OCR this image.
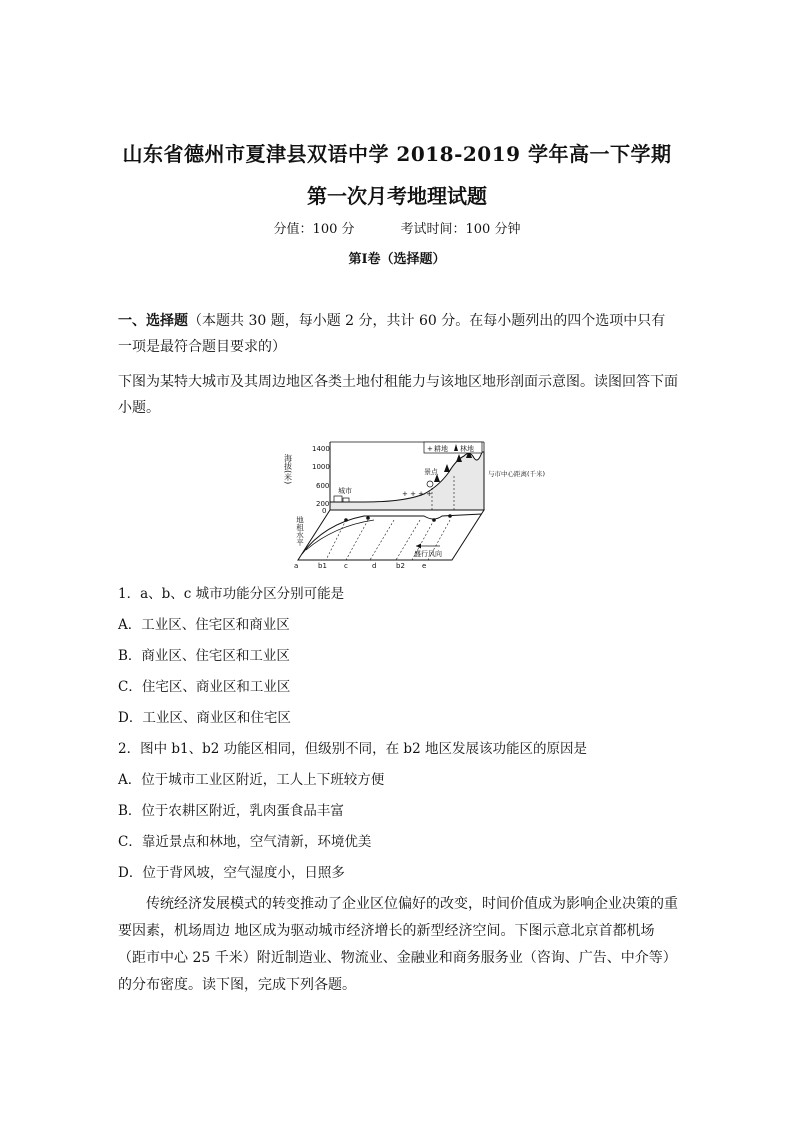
山东省德州市夏津县双语中学 2018-2019 学年高一下学期
第一次月考地理试题
分值：100 分	考试时间：100 分钟
第Ⅰ卷（选择题）
一、选择题（本题共 30 题，每小题 2 分，共计 60 分。在每小题列出的四个选项中只有一项是最符合题目要求的）
下图为某特大城市及其周边地区各类土地付租能力与该地区地形剖面示意图。读图回答下面小题。
1400
1000
600
200
0
海拔(米)
城市	+ + + +
景点
+ 耕地 林地
与市中心距离(千米)
地租水平
盛行风向
a	b1 c	d	b2 e
1．a、b、c 城市功能分区分别可能是
A．工业区、住宅区和商业区
B．商业区、住宅区和工业区
C．住宅区、商业区和工业区
D．工业区、商业区和住宅区
2．图中 b1、b2 功能区相同，但级别不同，在 b2 地区发展该功能区的原因是
A．位于城市工业区附近，工人上下班较方便
B．位于农耕区附近，乳肉蛋食品丰富
C．靠近景点和林地，空气清新，环境优美
D．位于背风坡，空气湿度小，日照多
传统经济发展模式的转变推动了企业区位偏好的改变，时间价值成为影响企业决策的重要因素，机场周边 地区成为驱动城市经济增长的新型经济空间。下图示意北京首都机场（距市中心 25 千米）附近制造业、物流业、金融业和商务服务业（咨询、广告、中介等）的分布密度。读下图，完成下列各题。
